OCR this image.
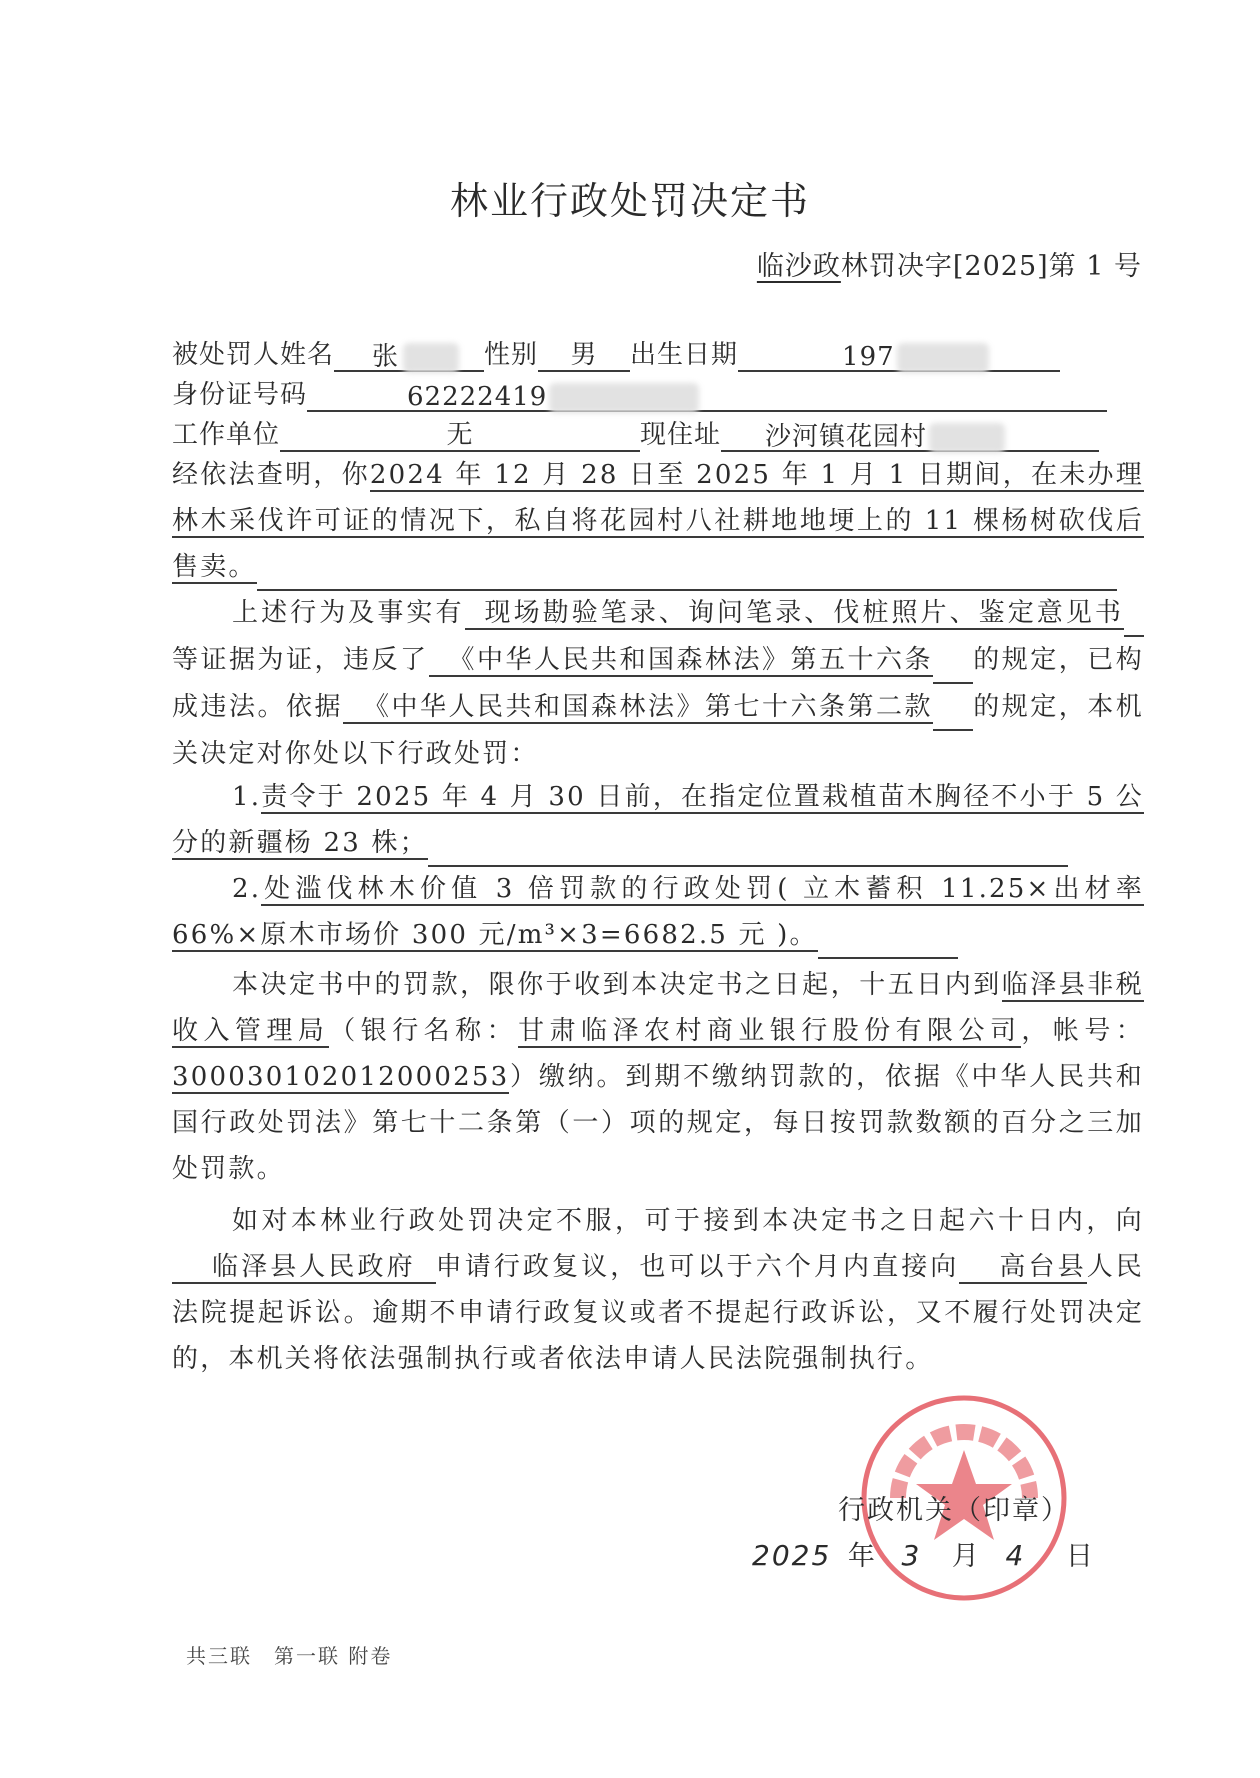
林业行政处罚决定书
临沙政林罚决字[2025]第 1 号
被处罚人姓名 张	性别 男 出生日期	197
身份证号码	62222419
工作单位	无	现住址 沙河镇花园村
经依法查明，你2024 年 12 月 28 日至 2025 年 1 月 1 日期间，在未办理林木采伐许可证的情况下，私自将花园村八社耕地地埂上的 11 棵杨树砍伐后售卖。
上述行为及事实有 现场勘验笔录、询问笔录、伐桩照片、鉴定意见书等证据为证，违反了 《中华人民共和国森林法》第五十六条 的规定，已构成违法。依据 《中华人民共和国森林法》第七十六条第二款 的规定，本机关决定对你处以下行政处罚：
1.责令于 2025 年 4 月 30 日前，在指定位置栽植苗木胸径不小于 5 公分的新疆杨 23 株；
2.处滥伐林木价值 3 倍罚款的行政处罚( 立木蓄积 11.25×出材率 66%×原木市场价 300 元/m³×3=6682.5 元 )。
本决定书中的罚款，限你于收到本决定书之日起，十五日内到临泽县非税收入管理局（银行名称：甘肃临泽农村商业银行股份有限公司，帐号：300030102012000253）缴纳。到期不缴纳罚款的，依据《中华人民共和国行政处罚法》第七十二条第（一）项的规定，每日按罚款数额的百分之三加处罚款。
如对本林业行政处罚决定不服，可于接到本决定书之日起六十日内，向临泽县人民政府 申请行政复议，也可以于六个月内直接向 高台县人民法院提起诉讼。逾期不申请行政复议或者不提起行政诉讼，又不履行处罚决定的，本机关将依法强制执行或者依法申请人民法院强制执行。
行政机关（印章）
2025 年 3 月 4 日
共三联　第一联 附卷
